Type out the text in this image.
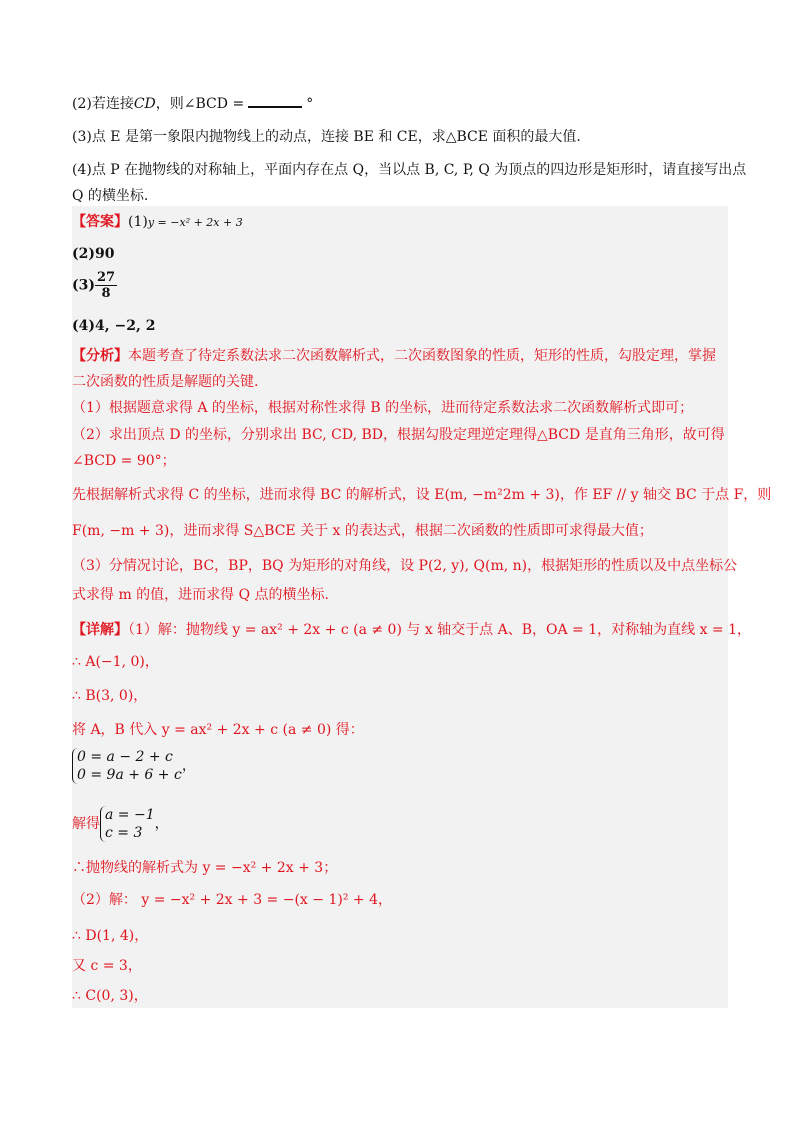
(2)若连接CD，则∠BCD =	°
(3)点 E 是第一象限内抛物线上的动点，连接 BE 和 CE，求△BCE 面积的最大值.
(4)点 P 在抛物线的对称轴上，平面内存在点 Q，当以点 B, C, P, Q 为顶点的四边形是矩形时，请直接写出点
Q 的横坐标.
【答案】(1)y = −x² + 2x + 3
(2)90
$(3) \frac{27}{8}$
(4)4, −2, 2
【分析】本题考查了待定系数法求二次函数解析式，二次函数图象的性质，矩形的性质，勾股定理，掌握
二次函数的性质是解题的关键.
（1）根据题意求得 A 的坐标，根据对称性求得 B 的坐标，进而待定系数法求二次函数解析式即可；
（2）求出顶点 D 的坐标，分别求出 BC, CD, BD，根据勾股定理逆定理得△BCD 是直角三角形，故可得
∠BCD = 90°；
先根据解析式求得 C 的坐标，进而求得 BC 的解析式，设 E(m, −m²2m + 3)，作 EF // y 轴交 BC 于点 F，则
F(m, −m + 3)，进而求得 S△BCE 关于 x 的表达式，根据二次函数的性质即可求得最大值；
（3）分情况讨论，BC，BP，BQ 为矩形的对角线，设 P(2, y), Q(m, n)，根据矩形的性质以及中点坐标公
式求得 m 的值，进而求得 Q 点的横坐标.
【详解】（1）解：抛物线 y = ax² + 2x + c (a ≠ 0) 与 x 轴交于点 A、B，OA = 1，对称轴为直线 x = 1，
∴ A(−1, 0)，
∴ B(3, 0)，
将 A，B 代入 y = ax² + 2x + c (a ≠ 0) 得：
0 = a − 2 + c
0 = 9a + 6 + c
，
解得
a = −1
c = 3
，
∴抛物线的解析式为 y = −x² + 2x + 3；
（2）解： y = −x² + 2x + 3 = −(x − 1)² + 4，
∴ D(1, 4)，
又 c = 3，
∴ C(0, 3)，
